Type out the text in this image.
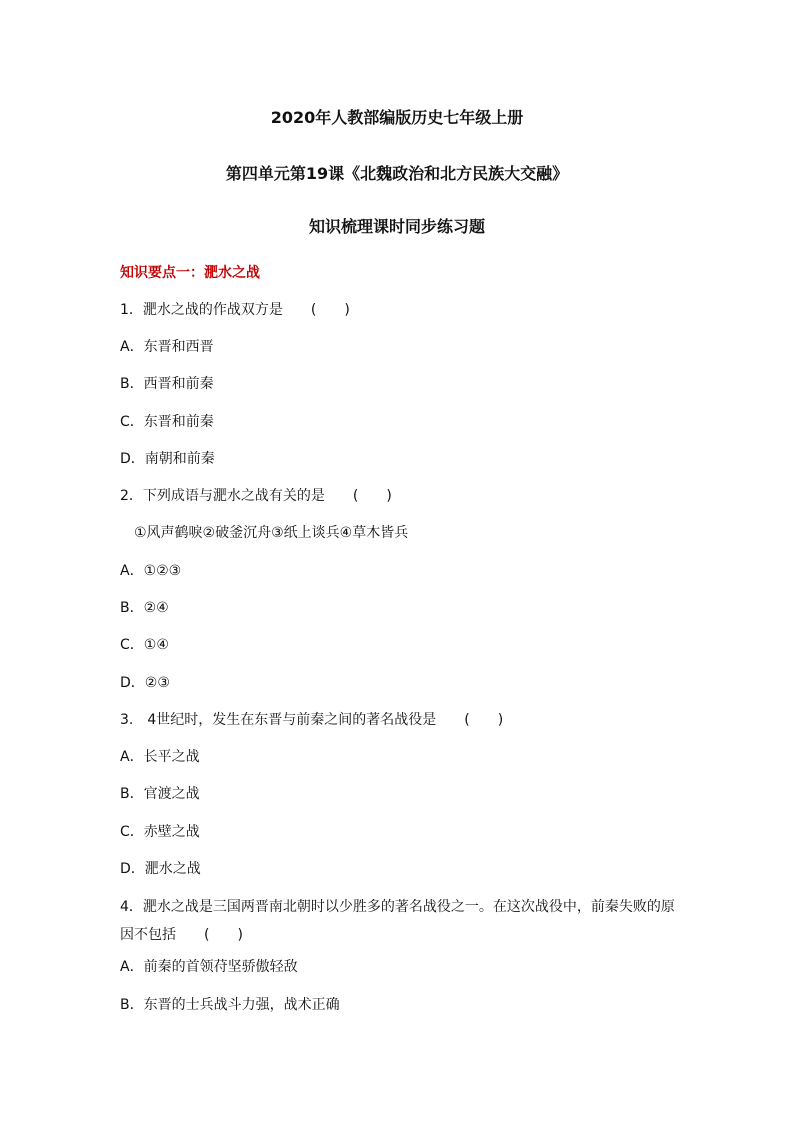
2020年人教部编版历史七年级上册
第四单元第19课《北魏政治和北方民族大交融》
知识梳理课时同步练习题

知识要点一：淝水之战

1．淝水之战的作战双方是　　(　　)

A．东晋和西晋

B．西晋和前秦

C．东晋和前秦

D．南朝和前秦

2．下列成语与淝水之战有关的是　　(　　)

①风声鹤唳②破釜沉舟③纸上谈兵④草木皆兵

A．①②③

B．②④

C．①④

D．②③

3.　4世纪时，发生在东晋与前秦之间的著名战役是　　(　　)

A．长平之战

B．官渡之战

C．赤壁之战

D．淝水之战

4．淝水之战是三国两晋南北朝时以少胜多的著名战役之一。在这次战役中，前秦失败的原因不包括　　(　　)

A．前秦的首领苻坚骄傲轻敌

B．东晋的士兵战斗力强，战术正确
